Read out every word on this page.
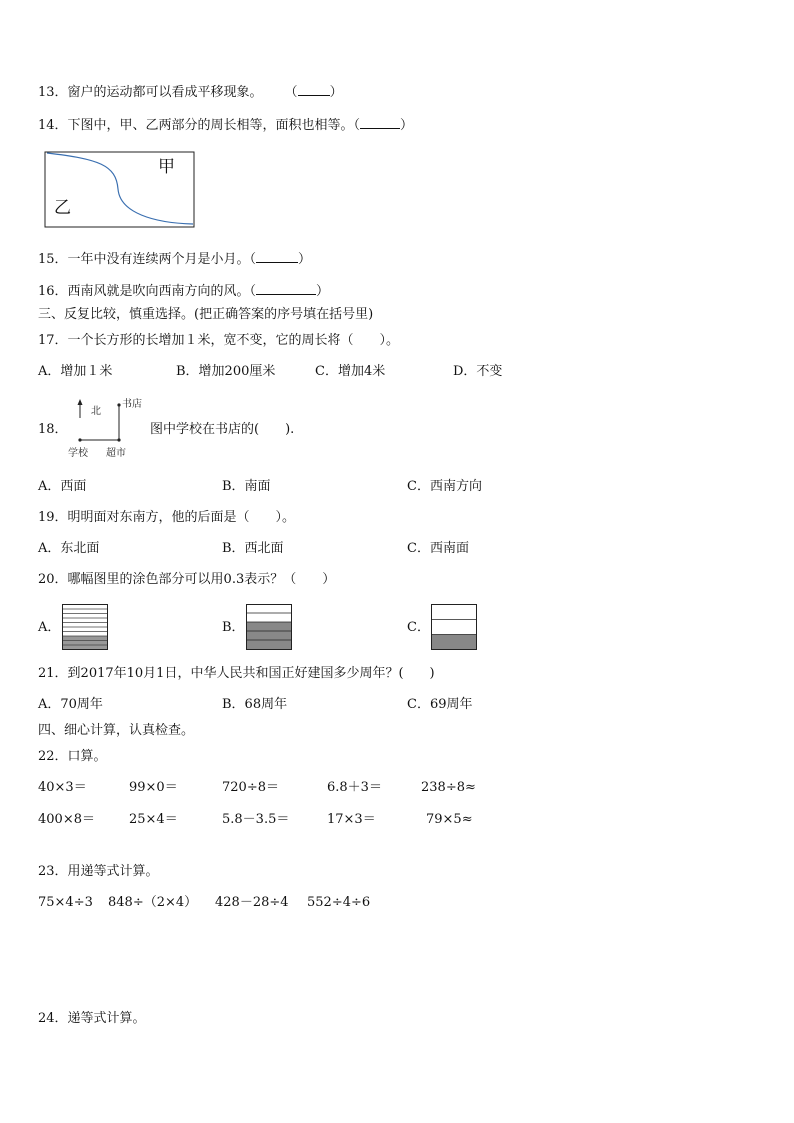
13．窗户的运动都可以看成平移现象。 （ ）
14．下图中，甲、乙两部分的周长相等，面积也相等。（	）
甲
乙
15．一年中没有连续两个月是小月。（	）
16．西南风就是吹向西南方向的风。（	）
三、反复比较，慎重选择。(把正确答案的序号填在括号里)
17．一个长方形的长增加１米，宽不变，它的周长将（　　）。
A．增加１米	B．增加200厘米	C．增加4米	D．不变
18．
北
书店
学校 超市
图中学校在书店的(　　).
A．西面	B．南面	C．西南方向
19．明明面对东南方，他的后面是（　　）。
A．东北面	B．西北面	C．西南面
20．哪幅图里的涂色部分可以用0.3表示？（　　）
A．	B．	C．
21．到2017年10月1日，中华人民共和国正好建国多少周年？(　　)
A．70周年	B．68周年	C．69周年
四、细心计算，认真检查。
22．口算。
40×3＝	99×0＝	720÷8＝	6.8＋3＝	238÷8≈
400×8＝	25×4＝	5.8－3.5＝	17×3＝	79×5≈
23．用递等式计算。
75×4÷3 848÷（2×4） 428－28÷4 552÷4÷6
24．递等式计算。
